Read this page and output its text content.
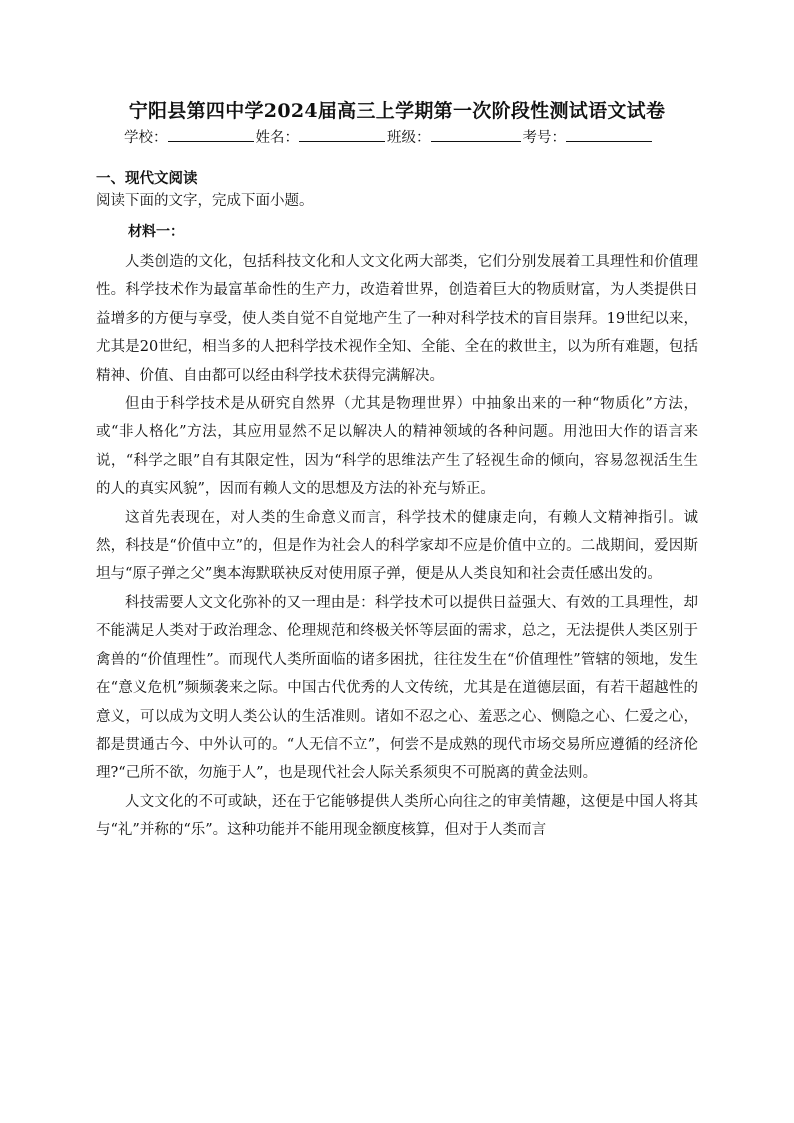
宁阳县第四中学2024届高三上学期第一次阶段性测试语文试卷
学校：	姓名：	班级：	考号：
一、现代文阅读
阅读下面的文字，完成下面小题。
材料一：

人类创造的文化，包括科技文化和人文文化两大部类，它们分别发展着工具理性和价值理性。科学技术作为最富革命性的生产力，改造着世界，创造着巨大的物质财富，为人类提供日益增多的方便与享受，使人类自觉不自觉地产生了一种对科学技术的盲目崇拜。19世纪以来，尤其是20世纪，相当多的人把科学技术视作全知、全能、全在的救世主，以为所有难题，包括精神、价值、自由都可以经由科学技术获得完满解决。

但由于科学技术是从研究自然界（尤其是物理世界）中抽象出来的一种“物质化”方法，或“非人格化”方法，其应用显然不足以解决人的精神领域的各种问题。用池田大作的语言来说，“科学之眼”自有其限定性，因为“科学的思维法产生了轻视生命的倾向，容易忽视活生生的人的真实风貌”，因而有赖人文的思想及方法的补充与矫正。

这首先表现在，对人类的生命意义而言，科学技术的健康走向，有赖人文精神指引。诚然，科技是“价值中立”的，但是作为社会人的科学家却不应是价值中立的。二战期间，爱因斯坦与“原子弹之父”奥本海默联袂反对使用原子弹，便是从人类良知和社会责任感出发的。

科技需要人文文化弥补的又一理由是：科学技术可以提供日益强大、有效的工具理性，却不能满足人类对于政治理念、伦理规范和终极关怀等层面的需求，总之，无法提供人类区别于禽兽的“价值理性”。而现代人类所面临的诸多困扰，往往发生在“价值理性”管辖的领地，发生在“意义危机”频频袭来之际。中国古代优秀的人文传统，尤其是在道德层面，有若干超越性的意义，可以成为文明人类公认的生活准则。诸如不忍之心、羞恶之心、恻隐之心、仁爱之心，都是贯通古今、中外认可的。“人无信不立”，何尝不是成熟的现代市场交易所应遵循的经济伦理?“己所不欲，勿施于人”，也是现代社会人际关系须臾不可脱离的黄金法则。

人文文化的不可或缺，还在于它能够提供人类所心向往之的审美情趣，这便是中国人将其与“礼”并称的“乐”。这种功能并不能用现金额度核算，但对于人类而言
